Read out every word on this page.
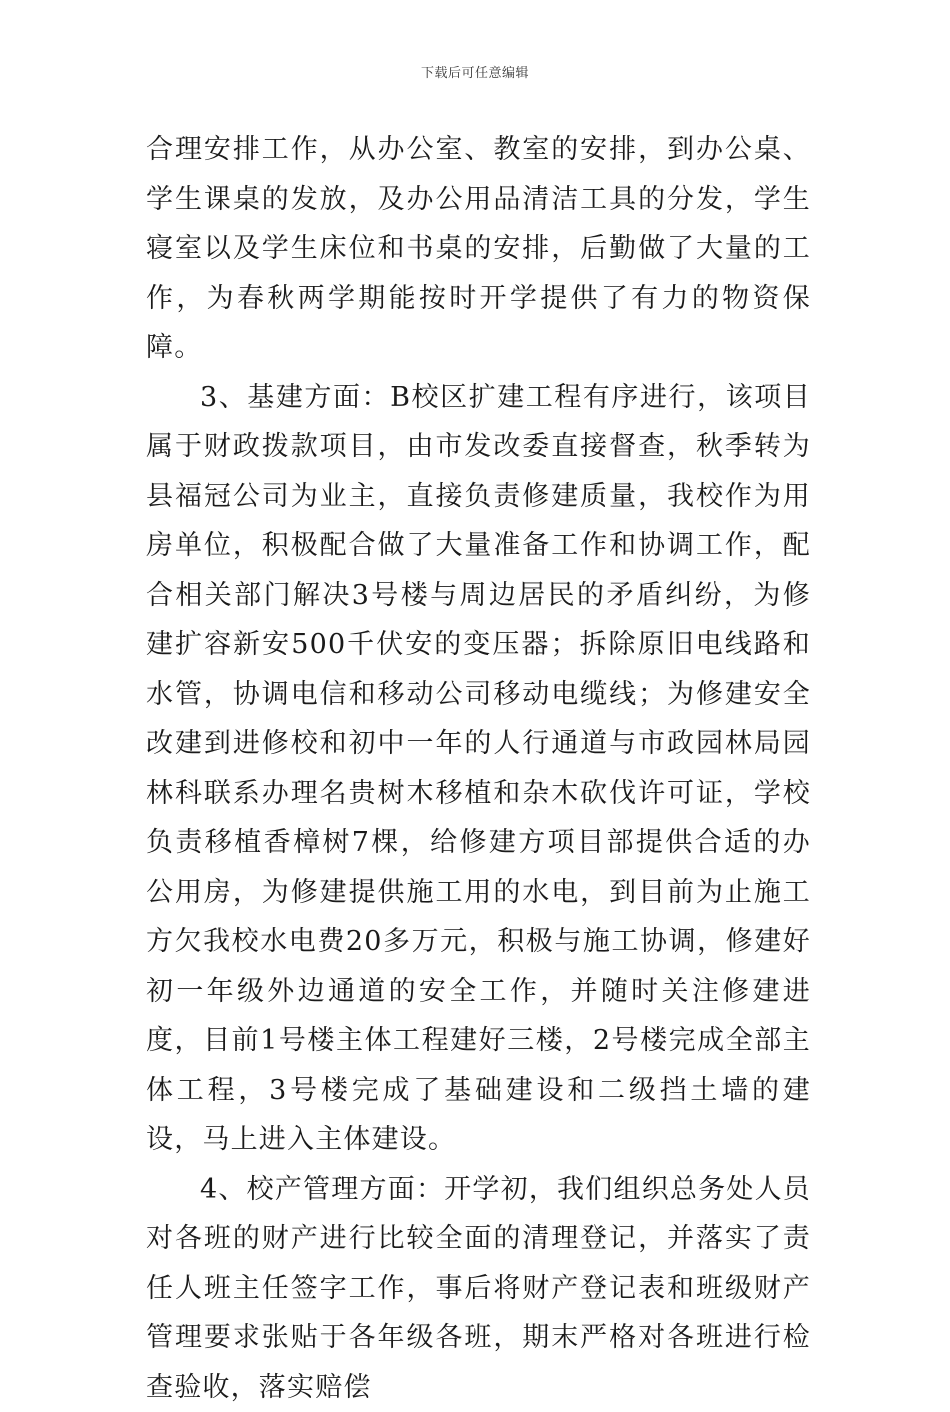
下载后可任意编辑

合理安排工作，从办公室、教室的安排，到办公桌、学生课桌的发放，及办公用品清洁工具的分发，学生寝室以及学生床位和书桌的安排，后勤做了大量的工作，为春秋两学期能按时开学提供了有力的物资保障。

3、基建方面：B校区扩建工程有序进行，该项目属于财政拨款项目，由市发改委直接督查，秋季转为县福冠公司为业主，直接负责修建质量，我校作为用房单位，积极配合做了大量准备工作和协调工作，配合相关部门解决3号楼与周边居民的矛盾纠纷，为修建扩容新安500千伏安的变压器；拆除原旧电线路和水管，协调电信和移动公司移动电缆线；为修建安全改建到进修校和初中一年的人行通道与市政园林局园林科联系办理名贵树木移植和杂木砍伐许可证，学校负责移植香樟树7棵，给修建方项目部提供合适的办公用房，为修建提供施工用的水电，到目前为止施工方欠我校水电费20多万元，积极与施工协调，修建好初一年级外边通道的安全工作，并随时关注修建进度，目前1号楼主体工程建好三楼，2号楼完成全部主体工程，3号楼完成了基础建设和二级挡土墙的建设，马上进入主体建设。

4、校产管理方面：开学初，我们组织总务处人员对各班的财产进行比较全面的清理登记，并落实了责任人班主任签字工作，事后将财产登记表和班级财产管理要求张贴于各年级各班，期末严格对各班进行检查验收，落实赔偿
